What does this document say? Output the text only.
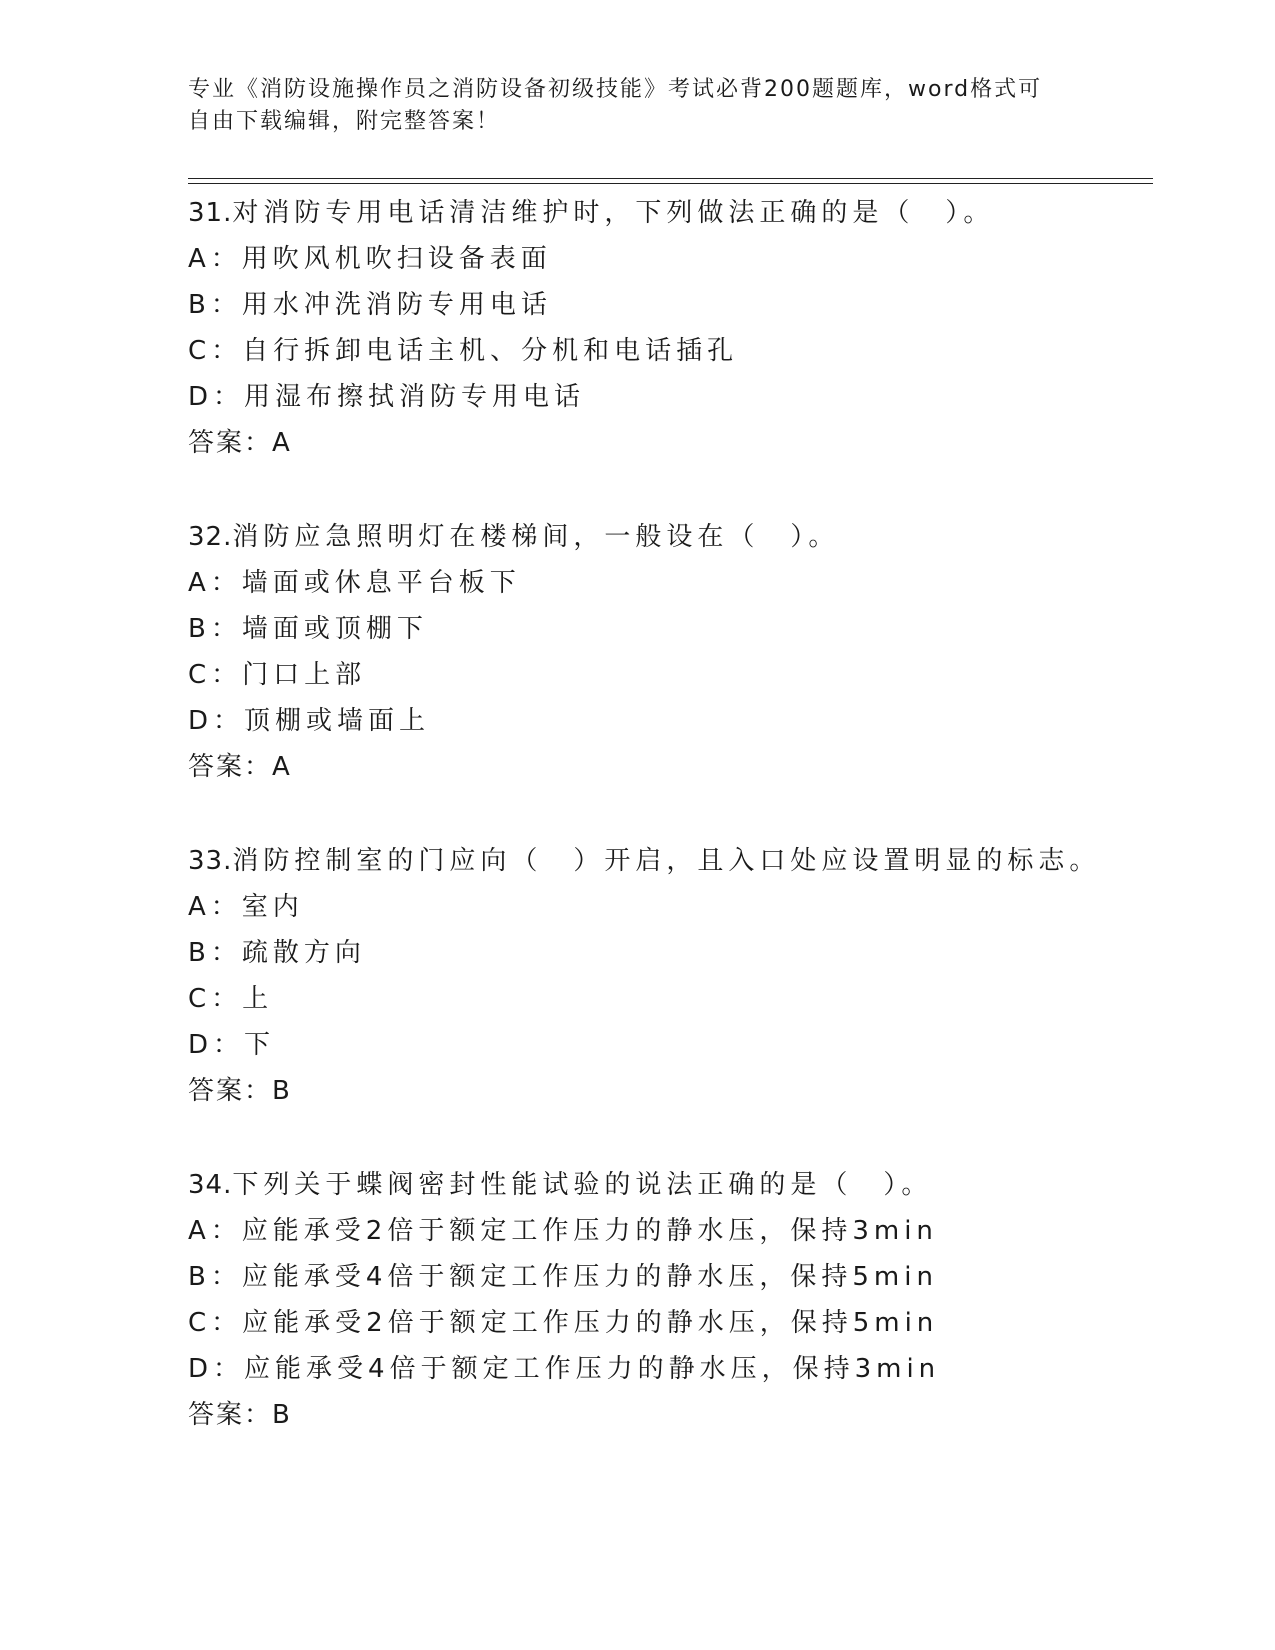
专业《消防设施操作员之消防设备初级技能》考试必背200题题库，word格式可
自由下载编辑，附完整答案！
31.对消防专用电话清洁维护时，下列做法正确的是（　）。
A：用吹风机吹扫设备表面
B：用水冲洗消防专用电话
C：自行拆卸电话主机、分机和电话插孔
D：用湿布擦拭消防专用电话
答案：A
32.消防应急照明灯在楼梯间，一般设在（　）。
A：墙面或休息平台板下
B：墙面或顶棚下
C：门口上部
D：顶棚或墙面上
答案：A
33.消防控制室的门应向（　）开启，且入口处应设置明显的标志。
A：室内
B：疏散方向
C：上
D：下
答案：B
34.下列关于蝶阀密封性能试验的说法正确的是（　）。
A：应能承受2倍于额定工作压力的静水压，保持3min
B：应能承受4倍于额定工作压力的静水压，保持5min
C：应能承受2倍于额定工作压力的静水压，保持5min
D：应能承受4倍于额定工作压力的静水压，保持3min
答案：B
